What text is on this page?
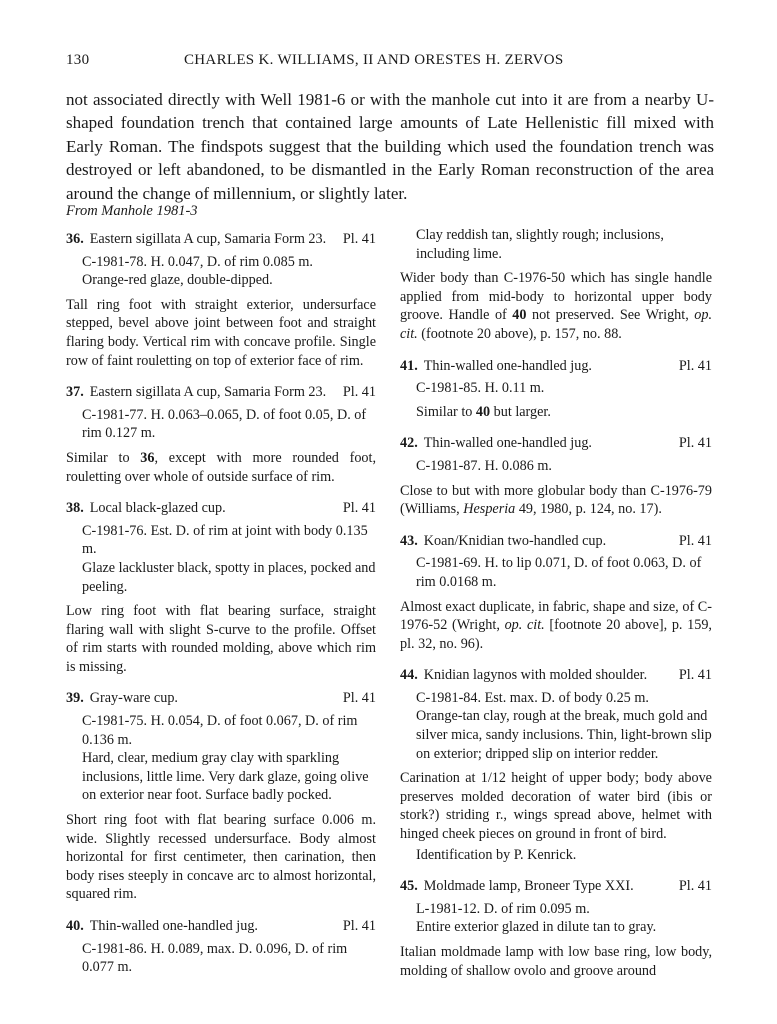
130	CHARLES K. WILLIAMS, II AND ORESTES H. ZERVOS
not associated directly with Well 1981-6 or with the manhole cut into it are from a nearby U-shaped foundation trench that contained large amounts of Late Hellenistic fill mixed with Early Roman. The findspots suggest that the building which used the foundation trench was destroyed or left abandoned, to be dismantled in the Early Roman reconstruction of the area around the change of millennium, or slightly later.
From Manhole 1981-3
36. Eastern sigillata A cup, Samaria Form 23. Pl. 41

C-1981-78. H. 0.047, D. of rim 0.085 m.

Orange-red glaze, double-dipped.

Tall ring foot with straight exterior, undersurface stepped, bevel above joint between foot and straight flaring body. Vertical rim with concave profile. Single row of faint rouletting on top of exterior face of rim.

37. Eastern sigillata A cup, Samaria Form 23. Pl. 41

C-1981-77. H. 0.063–0.065, D. of foot 0.05, D. of rim 0.127 m.

Similar to 36, except with more rounded foot, rouletting over whole of outside surface of rim.

38. Local black-glazed cup.	Pl. 41

C-1981-76. Est. D. of rim at joint with body 0.135 m.

Glaze lackluster black, spotty in places, pocked and peeling.

Low ring foot with flat bearing surface, straight flaring wall with slight S-curve to the profile. Offset of rim starts with rounded molding, above which rim is missing.

39. Gray-ware cup.	Pl. 41

C-1981-75. H. 0.054, D. of foot 0.067, D. of rim 0.136 m.

Hard, clear, medium gray clay with sparkling inclusions, little lime. Very dark glaze, going olive on exterior near foot. Surface badly pocked.

Short ring foot with flat bearing surface 0.006 m. wide. Slightly recessed undersurface. Body almost horizontal for first centimeter, then carination, then body rises steeply in concave arc to almost horizontal, squared rim.

40. Thin-walled one-handled jug.	Pl. 41

C-1981-86. H. 0.089, max. D. 0.096, D. of rim 0.077 m.

Clay reddish tan, slightly rough; inclusions, including lime.

Wider body than C-1976-50 which has single handle applied from mid-body to horizontal upper body groove. Handle of 40 not preserved. See Wright, op. cit. (footnote 20 above), p. 157, no. 88.

41. Thin-walled one-handled jug.	Pl. 41

C-1981-85. H. 0.11 m.

Similar to 40 but larger.

42. Thin-walled one-handled jug.	Pl. 41

C-1981-87. H. 0.086 m.

Close to but with more globular body than C-1976-79 (Williams, Hesperia 49, 1980, p. 124, no. 17).

43. Koan/Knidian two-handled cup.	Pl. 41

C-1981-69. H. to lip 0.071, D. of foot 0.063, D. of rim 0.0168 m.

Almost exact duplicate, in fabric, shape and size, of C-1976-52 (Wright, op. cit. [footnote 20 above], p. 159, pl. 32, no. 96).

44. Knidian lagynos with molded shoulder. Pl. 41

C-1981-84. Est. max. D. of body 0.25 m.

Orange-tan clay, rough at the break, much gold and silver mica, sandy inclusions. Thin, light-brown slip on exterior; dripped slip on interior redder.

Carination at 1/12 height of upper body; body above preserves molded decoration of water bird (ibis or stork?) striding r., wings spread above, helmet with hinged cheek pieces on ground in front of bird.

Identification by P. Kenrick.

45. Moldmade lamp, Broneer Type XXI.	Pl. 41

L-1981-12. D. of rim 0.095 m.

Entire exterior glazed in dilute tan to gray.

Italian moldmade lamp with low base ring, low body, molding of shallow ovolo and groove around
